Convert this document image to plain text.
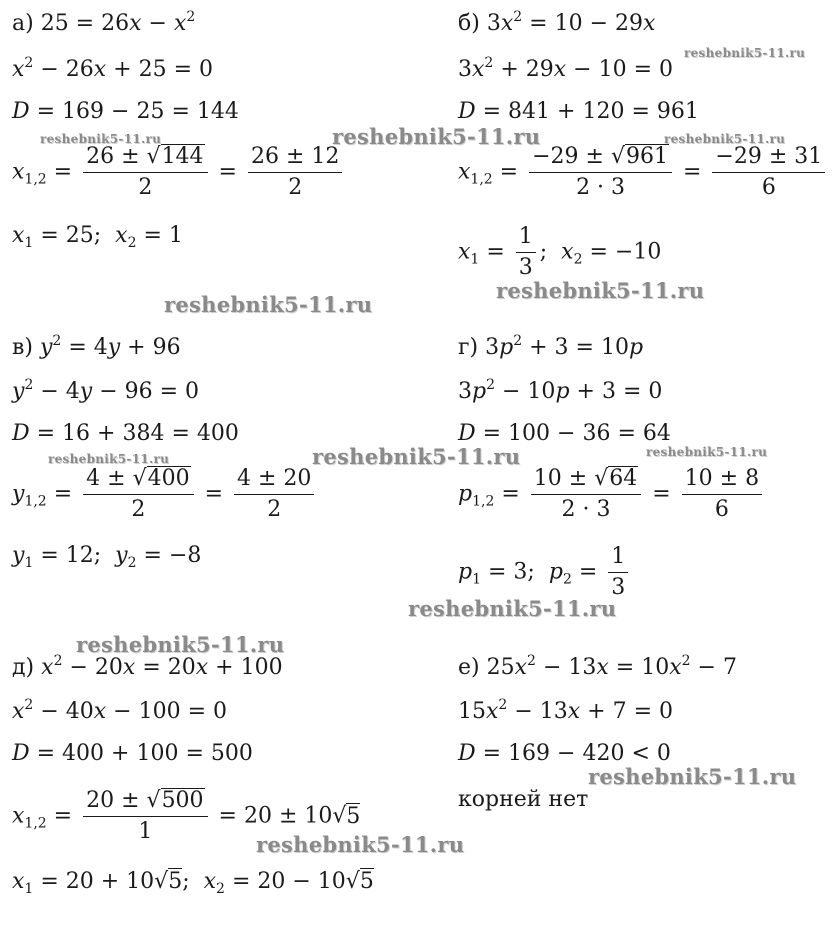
а) $25 = 26x - x^2$
$x^2 - 26x + 25 = 0$
D = 169 − 25 = 144
$x_{1,2} = \frac{26 \pm √144}{2} = \frac{26 \pm 12}{2}$
$x_1 = 25$;  $x_2 = 1$
б) $3x^2 = 10 - 29x$
$3x^2 + 29x - 10 = 0$
D = 841 + 120 = 961
$x_{1,2} = \frac{-29 \pm √961}{2 \cdot 3} = \frac{-29 \pm 31}{6}$
$x_1 = \frac{1}{3}$ ;  $x_2 = -10$
в) $y^2 = 4y + 96$
$y^2 - 4y - 96 = 0$
D = 16 + 384 = 400
$y_{1,2} = \frac{4 \pm √400}{2} = \frac{4 \pm 20}{2}$
$y_1 = 12$;  $y_2 = -8$
г) $3p^2 + 3 = 10p$
$3p^2 - 10p + 3 = 0$
D = 100 − 36 = 64
$p_{1,2} = \frac{10 \pm √64}{2 \cdot 3} = \frac{10 \pm 8}{6}$
$p_1 = 3$;  $p_2 = \frac{1}{3}$
д) $x^2 - 20x = 20x + 100$
$x^2 - 40x - 100 = 0$
D = 400 + 100 = 500
$x_{1,2} = \frac{20 \pm √500}{1} = 20 \pm 10√5$
$x_1 = 20 + 10√5$;  $x_2 = 20 - 10√5$
е) $25x^2 - 13x = 10x^2 - 7$
$15x^2 - 13x + 7 = 0$
D = 169 − 420 < 0
корней нет
reshebnik5-11.ru	reshebnik5-11.ru
reshebnik5-11.ru
reshebnik5-11.ru
reshebnik5-11.ru
reshebnik5-11.ru
reshebnik5-11.ru	reshebnik5-11.ru	reshebnik5-11.ru
reshebnik5-11.ru
reshebnik5-11.ru
reshebnik5-11.ru
reshebnik5-11.ru
